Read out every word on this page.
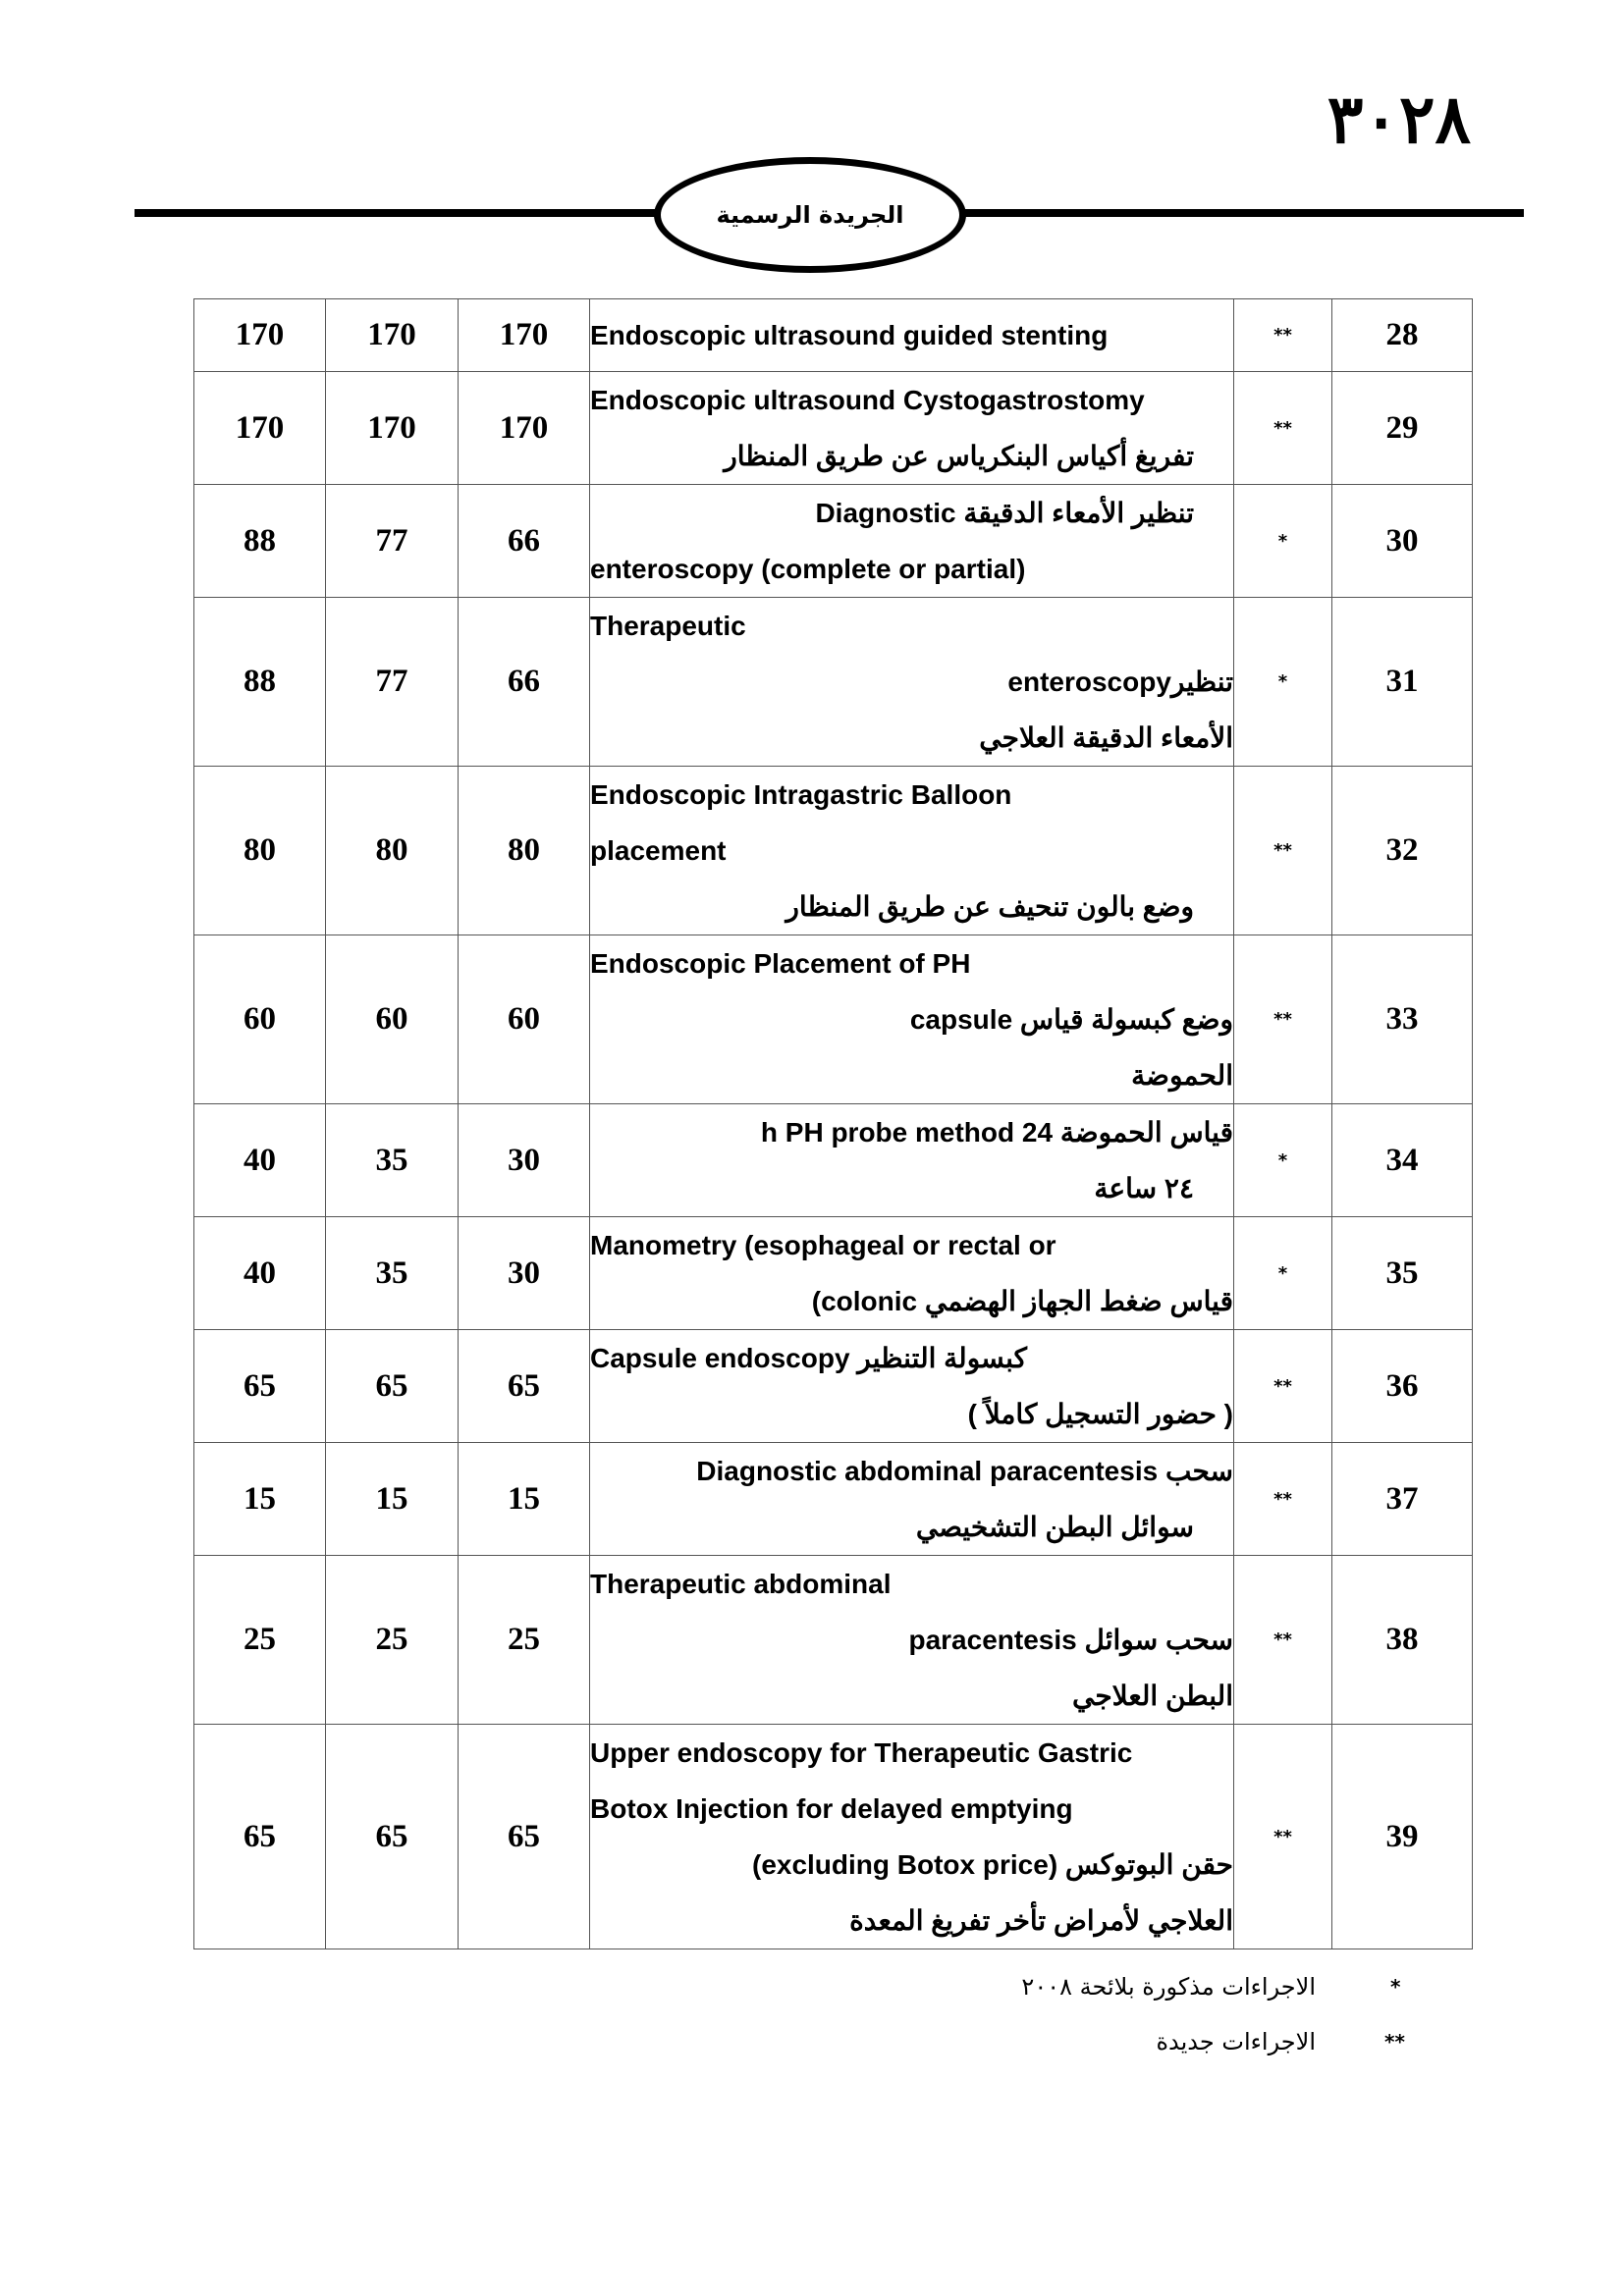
٣٠٢٨
الجريدة الرسمية
170	170	170	Endoscopic ultrasound guided stenting	**	28
170	170	170	Endoscopic ultrasound Cystogastrostomy
تفريغ أكياس البنكرياس عن طريق المنظار	**	29
88	77	66	تنظير الأمعاء الدقيقة Diagnostic
enteroscopy (complete or partial)	*	30
88	77	66	Therapeutic
تنظيرenteroscopy
الأمعاء الدقيقة العلاجي	*	31
80	80	80	Endoscopic Intragastric Balloon
placement
وضع بالون تنحيف عن طريق المنظار	**	32
60	60	60	Endoscopic Placement of PH
وضع كبسولة قياس capsule
الحموضة	**	33
40	35	30	قياس الحموضة 24 h PH probe method
٢٤ ساعة	*	34
40	35	30	Manometry (esophageal or rectal or
قياس ضغط الجهاز الهضمي colonic)	*	35
65	65	65	Capsule endoscopy كبسولة التنظير
( حضور التسجيل كاملاً )	**	36
15	15	15	سحب Diagnostic abdominal paracentesis
سوائل البطن التشخيصي	**	37
25	25	25	Therapeutic abdominal
سحب سوائل paracentesis
البطن العلاجي	**	38
65	65	65	Upper endoscopy for Therapeutic Gastric
Botox Injection for delayed emptying
حقن البوتوكس (excluding Botox price)
العلاجي لأمراض تأخر تفريغ المعدة	**	39
*
الاجراءات مذكورة بلائحة ٢٠٠٨
**
الاجراءات جديدة
